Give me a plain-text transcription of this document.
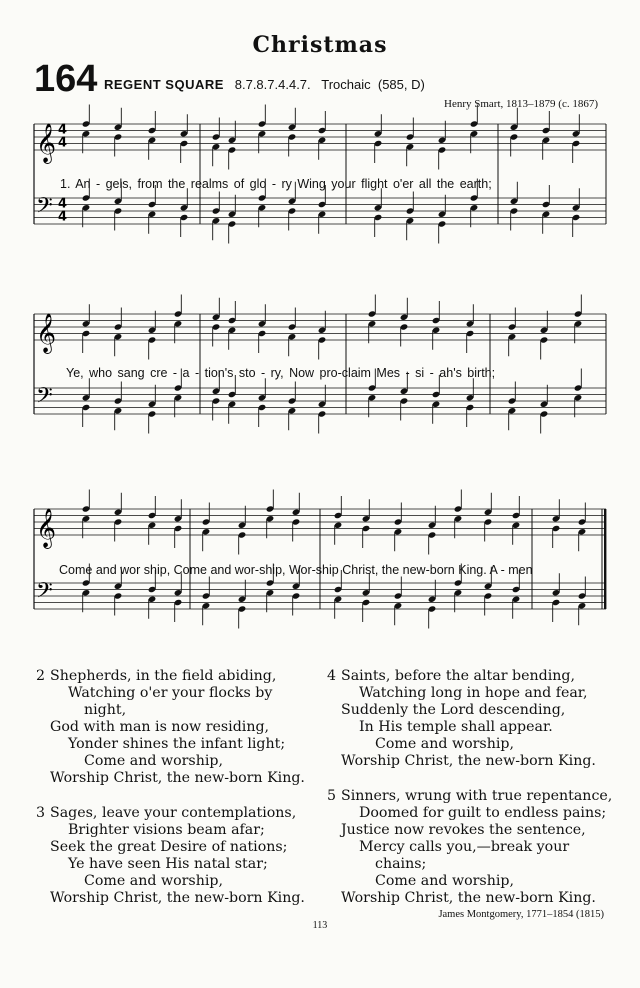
Christmas
164 REGENT SQUARE 8.7.8.7.4.4.7. Trochaic (585, D)
Henry Smart, 1813–1879 (c. 1867)
𝄞 4
4
𝄢 4
4
1. An - gels, from the realms of glo - ry Wing your flight o'er all the earth;
𝄞
𝄢
Ye, who sang cre - a - tion's sto - ry, Now pro-claim Mes - si - ah's birth;
𝄞
𝄢
Come and wor ship, Come and wor-ship, Wor-ship Christ, the new-born King. A - men
2 Shepherds, in the field abiding,
Watching o'er your flocks by
night,
God with man is now residing,
Yonder shines the infant light;
Come and worship,
Worship Christ, the new-born King.
3 Sages, leave your contemplations,
Brighter visions beam afar;
Seek the great Desire of nations;
Ye have seen His natal star;
Come and worship,
Worship Christ, the new-born King.
4 Saints, before the altar bending,
Watching long in hope and fear,
Suddenly the Lord descending,
In His temple shall appear.
Come and worship,
Worship Christ, the new-born King.
5 Sinners, wrung with true repentance,
Doomed for guilt to endless pains;
Justice now revokes the sentence,
Mercy calls you,—break your
chains;
Come and worship,
Worship Christ, the new-born King.
James Montgomery, 1771–1854 (1815)
113
